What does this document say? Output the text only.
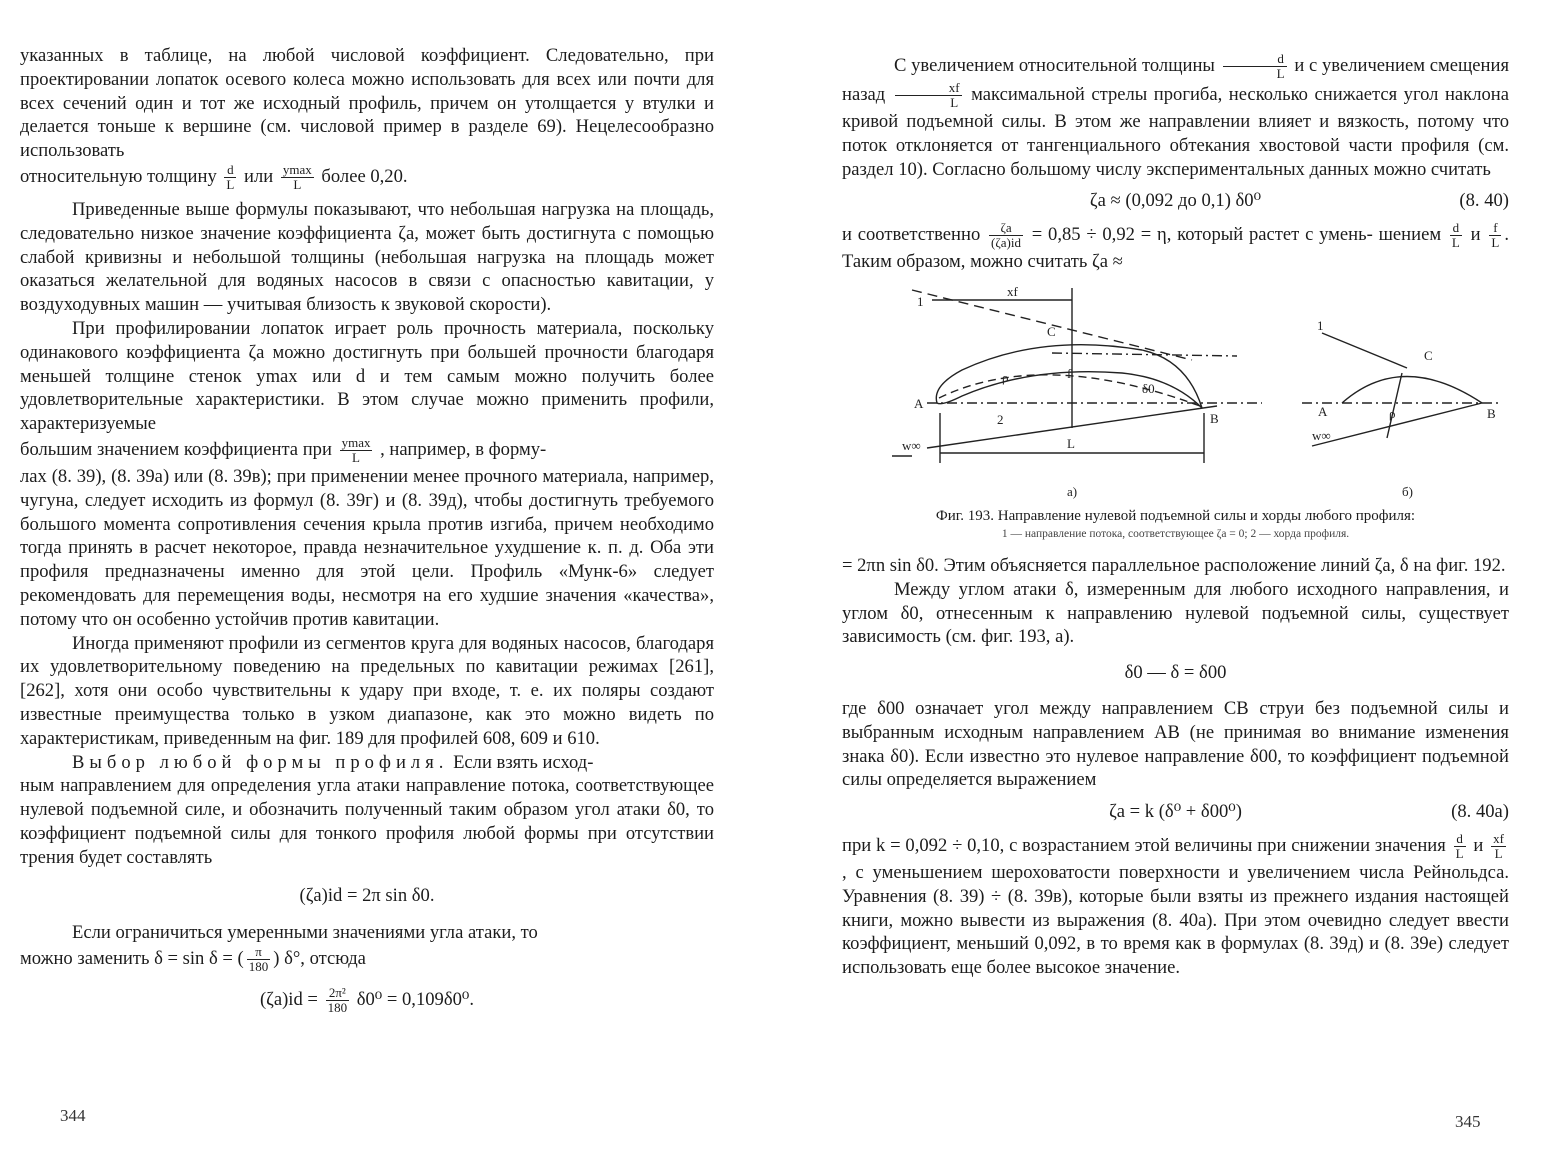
указанных в таблице, на любой числовой коэффициент. Следовательно, при проектировании лопаток осевого колеса можно использовать для всех или почти для всех сечений один и тот же исходный профиль, причем он утолщается у втулки и делается тоньше к вершине (см. числовой пример в разделе 69). Нецелесообразно использовать

относительную толщину $\frac{d}{L}$ или $\frac{ymax}{L}$ более 0,20.

Приведенные выше формулы показывают, что небольшая нагрузка на площадь, следовательно низкое значение коэффициента ζa, может быть достигнута с помощью слабой кривизны и небольшой толщины (небольшая нагрузка на площадь может оказаться желательной для водяных насосов в связи с опасностью кавитации, у воздуходувных машин — учитывая близость к звуковой скорости).

При профилировании лопаток играет роль прочность материала, поскольку одинакового коэффициента ζa можно достигнуть при большей прочности благодаря меньшей толщине стенок ymax или d и тем самым можно получить более удовлетворительные характеристики. В этом случае можно применить профили, характеризуемые

большим значением коэффициента при $\frac{ymax}{L}$ , например, в форму-

лах (8. 39), (8. 39а) или (8. 39в); при применении менее прочного материала, например, чугуна, следует исходить из формул (8. 39г) и (8. 39д), чтобы достигнуть требуемого большого момента сопротивления сечения крыла против изгиба, причем необходимо тогда принять в расчет некоторое, правда незначительное ухудшение к. п. д. Оба эти профиля предназначены именно для этой цели. Профиль «Мунк-6» следует рекомендовать для перемещения воды, несмотря на его худшие значения «качества», потому что он особенно устойчив против кавитации.

Иногда применяют профили из сегментов круга для водяных насосов, благодаря их удовлетворительному поведению на предельных по кавитации режимах [261], [262], хотя они особо чувствительны к удару при входе, т. е. их поляры создают известные преимущества только в узком диапазоне, как это можно видеть по характеристикам, приведенным на фиг. 189 для профилей 608, 609 и 610.

Выбор любой формы профиля. Если взять исход-

ным направлением для определения угла атаки направление потока, соответствующее нулевой подъемной силе, и обозначить полученный таким образом угол атаки δ0, то коэффициент подъемной силы для тонкого профиля любой формы при отсутствии трения будет составлять

(ζa)id = 2π sin δ0.

Если ограничиться умеренными значениями угла атаки, то

можно заменить δ = sin δ = ( $\frac{\pi}{180}$ ) δ°, отсюда

$(\zeta a)id = \frac{\text{2π²}}{180} \delta 0^0 = 0,109\delta 0^0$.
344

С увеличением относительной толщины $\frac{d}{L}$ и с увеличением смещения назад $\frac{xf}{L}$ максимальной стрелы прогиба, несколько снижается угол наклона кривой подъемной силы. В этом же направлении влияет и вязкость, потому что поток отклоняется от тангенциального обтекания хвостовой части профиля (см. раздел 10). Согласно большому числу экспериментальных данных можно считать

ζa ≈ (0,092 до 0,1) δ0⁰	(8. 40)

и соответственно $\frac{\zeta a}{(\zeta a)id} = 0,85 \div 0,92 = \eta$, который растет с умень- шением $\frac{d}{L}$ и $\frac{f}{L}$ . Таким образом, можно считать ζa ≈

1
xf
C
ρ	f
δ0
A
2	B
w∞	L
a)
1
C
ρ
A	B
w∞
б)
Фиг. 193. Направление нулевой подъемной силы и хорды любого профиля:
1 — направление потока, соответствующее ζa = 0; 2 — хорда профиля.

= 2πn sin δ0. Этим объясняется параллельное расположение линий ζa, δ на фиг. 192.

Между углом атаки δ, измеренным для любого исходного направления, и углом δ0, отнесенным к направлению нулевой подъемной силы, существует зависимость (см. фиг. 193, а).

δ0 — δ = δ00

где δ00 означает угол между направлением CB струи без подъемной силы и выбранным исходным направлением AB (не принимая во внимание изменения знака δ0). Если известно это нулевое направление δ00, то коэффициент подъемной силы определяется выражением

ζa = k (δ⁰ + δ00⁰)	(8. 40а)

при k = 0,092 ÷ 0,10, с возрастанием этой величины при снижении значения $\frac{d}{L}$ и $\frac{xf}{L}$
, с уменьшением шероховатости поверхности и увеличением числа Рейнольдса. Уравнения (8. 39) ÷ (8. 39в), которые были взяты из прежнего издания настоящей книги, можно вывести из выражения (8. 40а). При этом очевидно следует ввести коэффициент, меньший 0,092, в то время как в формулах (8. 39д) и (8. 39е) следует использовать еще более высокое значение.

345
